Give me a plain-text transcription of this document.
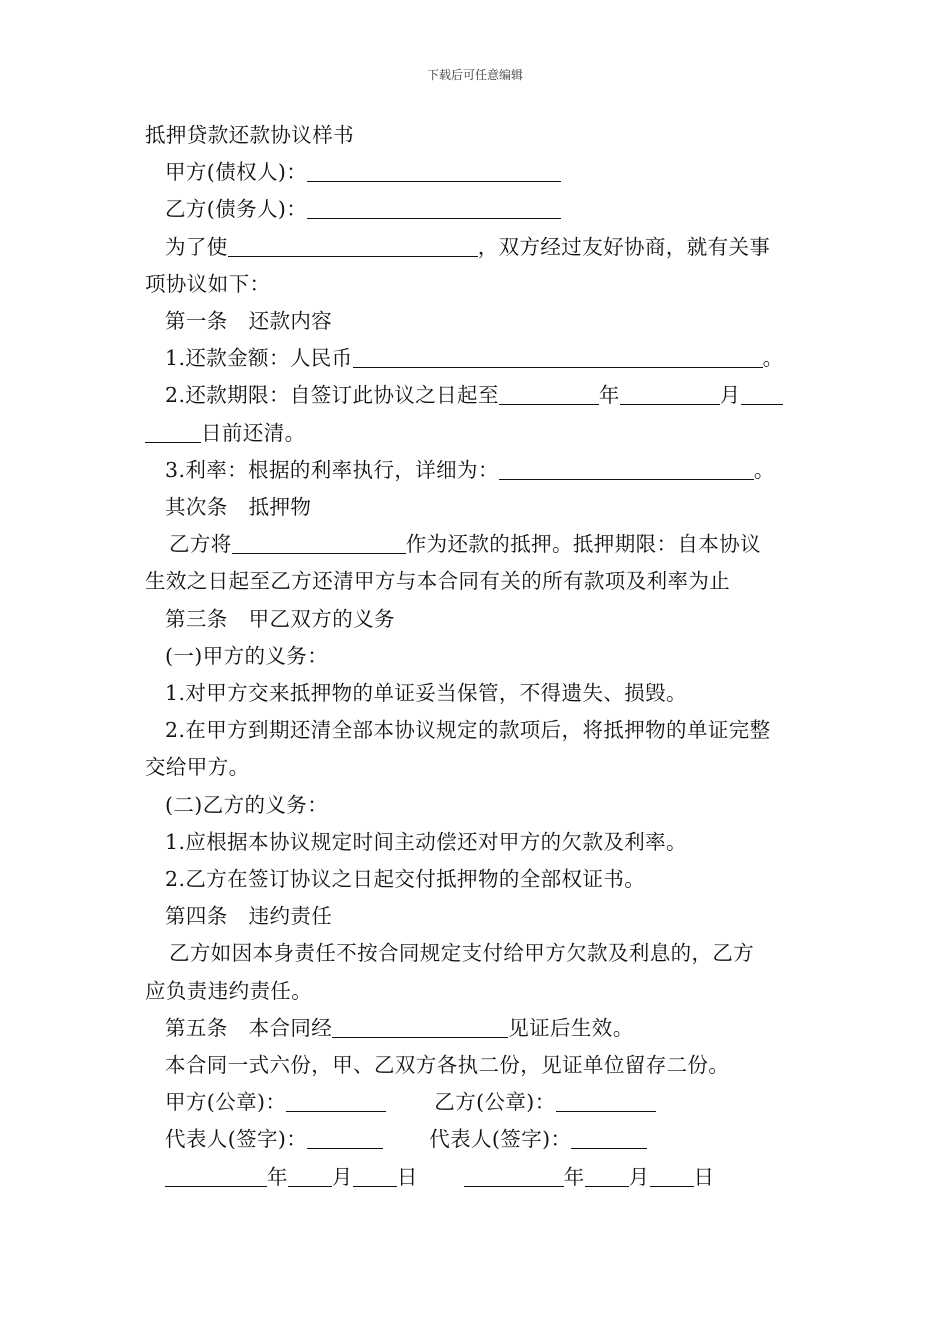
下载后可任意编辑
抵押贷款还款协议样书
甲方(债权人)：
乙方(债务人)：
为了使	，双方经过友好协商，就有关事
项协议如下：
第一条　还款内容
1.还款金额：人民币	。
2.还款期限：自签订此协议之日起至	年	月
日前还清。
3.利率：根据的利率执行，详细为：	。
其次条　抵押物
乙方将	作为还款的抵押。抵押期限：自本协议
生效之日起至乙方还清甲方与本合同有关的所有款项及利率为止
第三条　甲乙双方的义务
(一)甲方的义务：
1.对甲方交来抵押物的单证妥当保管，不得遗失、损毁。
2.在甲方到期还清全部本协议规定的款项后，将抵押物的单证完整
交给甲方。
(二)乙方的义务：
1.应根据本协议规定时间主动偿还对甲方的欠款及利率。
2.乙方在签订协议之日起交付抵押物的全部权证书。
第四条　违约责任
乙方如因本身责任不按合同规定支付给甲方欠款及利息的，乙方
应负责违约责任。
第五条　本合同经	见证后生效。
本合同一式六份，甲、乙双方各执二份，见证单位留存二份。
甲方(公章)：	乙方(公章)：
代表人(签字)：	代表人(签字)：
年 月 日	年 月 日
